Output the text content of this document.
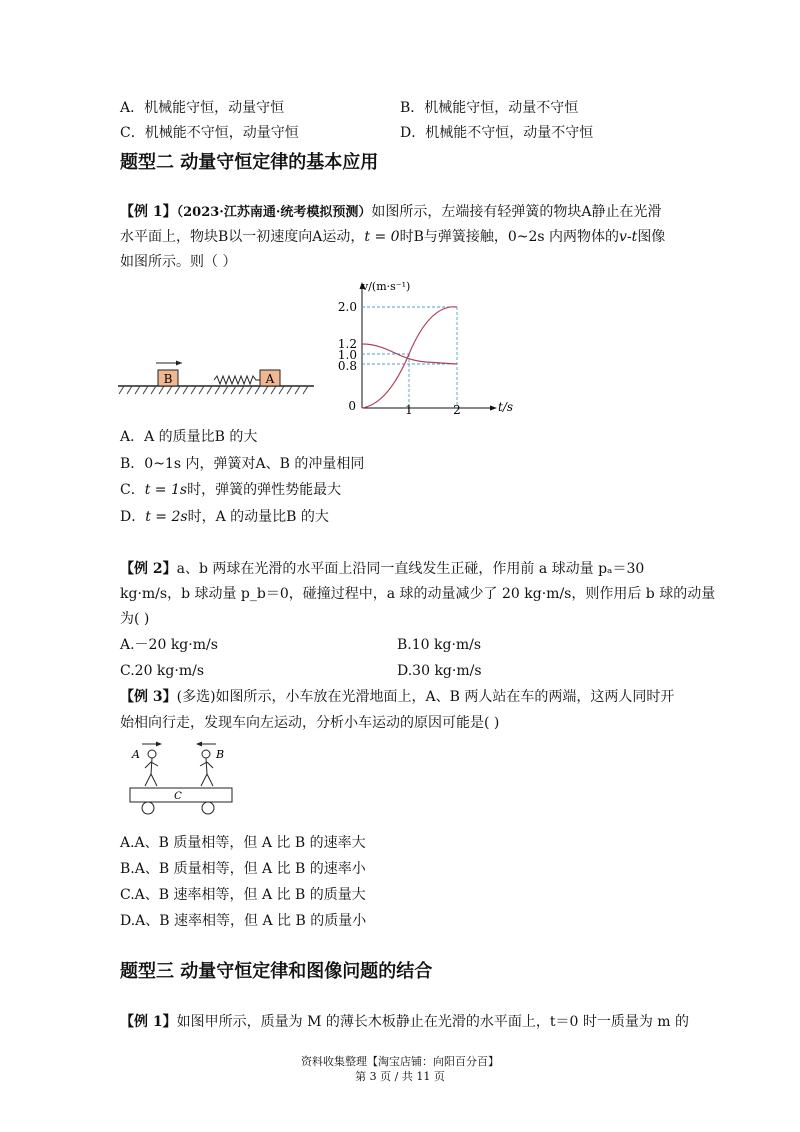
A．机械能守恒，动量守恒	B．机械能守恒，动量不守恒
C．机械能不守恒，动量守恒	D．机械能不守恒，动量不守恒
题型二 动量守恒定律的基本应用
【例 1】（2023·江苏南通·统考模拟预测）如图所示，左端接有轻弹簧的物块A静止在光滑
水平面上，物块B以一初速度向A运动，t = 0时B与弹簧接触，0~2s 内两物体的v-t图像
如图所示。则（ ）
B	A
v/(m·s⁻¹)
t/s
2.0
1.2
1.0
0.8
0	1	2
A．A 的质量比B 的大
B．0~1s 内，弹簧对A、B 的冲量相同
C．t = 1s时，弹簧的弹性势能最大
D．t = 2s时，A 的动量比B 的大
【例 2】a、b 两球在光滑的水平面上沿同一直线发生正碰，作用前 a 球动量 pₐ＝30
kg·m/s，b 球动量 p_b＝0，碰撞过程中，a 球的动量减少了 20 kg·m/s，则作用后 b 球的动量
为( )
A.－20 kg·m/s	B.10 kg·m/s
C.20 kg·m/s	D.30 kg·m/s
【例 3】(多选)如图所示，小车放在光滑地面上，A、B 两人站在车的两端，这两人同时开
始相向行走，发现车向左运动，分析小车运动的原因可能是( )
A	B
C
A.A、B 质量相等，但 A 比 B 的速率大
B.A、B 质量相等，但 A 比 B 的速率小
C.A、B 速率相等，但 A 比 B 的质量大
D.A、B 速率相等，但 A 比 B 的质量小
题型三 动量守恒定律和图像问题的结合
【例 1】如图甲所示，质量为 M 的薄长木板静止在光滑的水平面上，t＝0 时一质量为 m 的
资料收集整理【淘宝店铺：向阳百分百】
第 3 页 / 共 11 页
